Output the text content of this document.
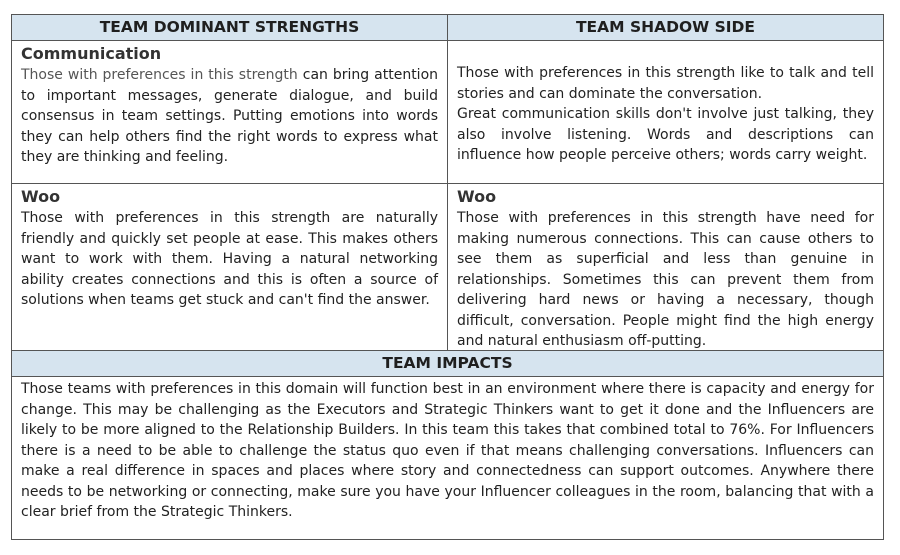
TEAM DOMINANT STRENGTHS	TEAM SHADOW SIDE

Communication

Those with preferences in this strength can bring attention to important messages, generate dialogue, and build consensus in team settings. Putting emotions into words they can help others find the right words to express what they are thinking and feeling.

Those with preferences in this strength like to talk and tell stories and can dominate the conversation.

Great communication skills don't involve just talking, they also involve listening. Words and descriptions can influence how people perceive others; words carry weight.

Woo

Those with preferences in this strength are naturally friendly and quickly set people at ease. This makes others want to work with them. Having a natural networking ability creates connections and this is often a source of solutions when teams get stuck and can't find the answer.

Woo

Those with preferences in this strength have need for making numerous connections. This can cause others to see them as superficial and less than genuine in relationships. Sometimes this can prevent them from delivering hard news or having a necessary, though difficult, conversation. People might find the high energy and natural enthusiasm off-putting.

TEAM IMPACTS

Those teams with preferences in this domain will function best in an environment where there is capacity and energy for change. This may be challenging as the Executors and Strategic Thinkers want to get it done and the Influencers are likely to be more aligned to the Relationship Builders. In this team this takes that combined total to 76%. For Influencers there is a need to be able to challenge the status quo even if that means challenging conversations. Influencers can make a real difference in spaces and places where story and connectedness can support outcomes. Anywhere there needs to be networking or connecting, make sure you have your Influencer colleagues in the room, balancing that with a clear brief from the Strategic Thinkers.
